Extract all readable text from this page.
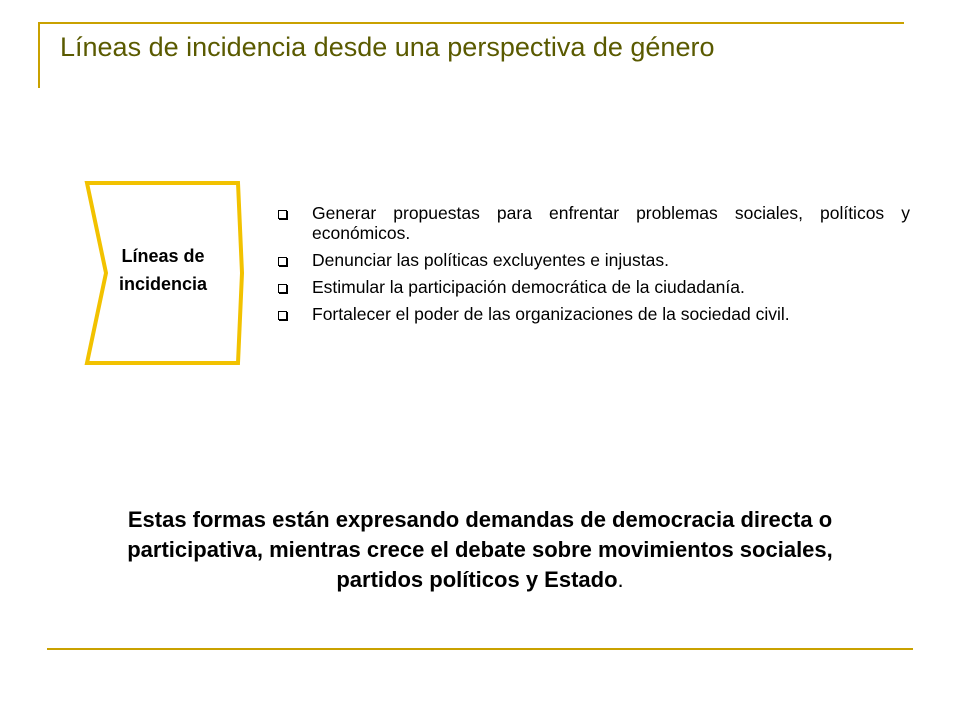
Líneas de incidencia desde una perspectiva de género
Líneas de
incidencia
Generar propuestas para enfrentar problemas sociales, políticos y económicos.
Denunciar las políticas excluyentes e injustas.
Estimular la participación democrática de la ciudadanía.
Fortalecer el poder de las organizaciones de la sociedad civil.

Estas formas están expresando demandas de democracia directa o participativa, mientras crece el debate sobre movimientos sociales, partidos políticos y Estado.
